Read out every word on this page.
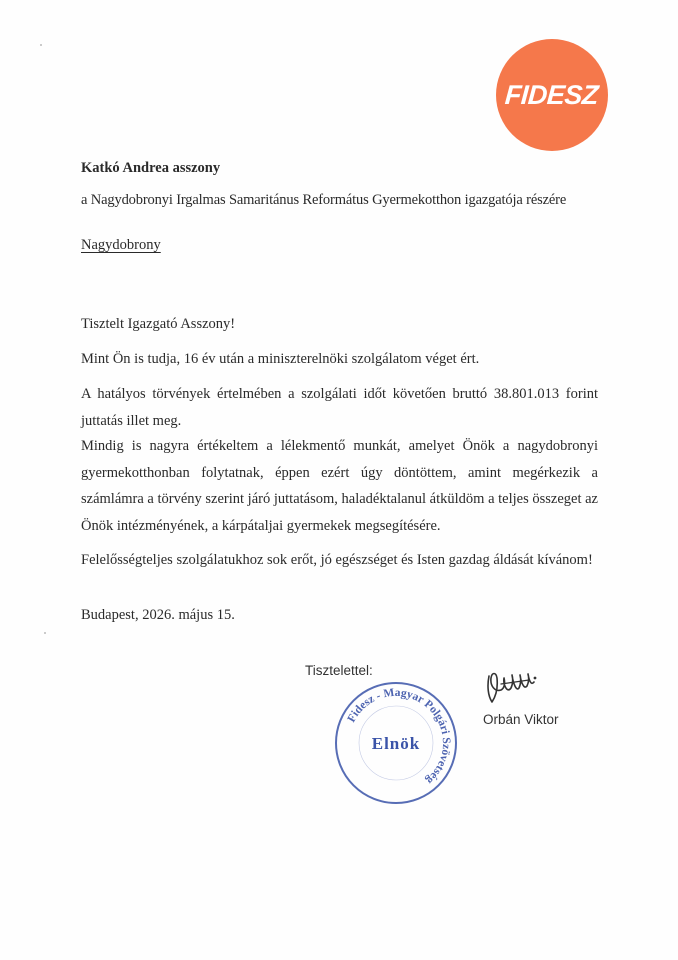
FIDESZ
Katkó Andrea asszony
a Nagydobronyi Irgalmas Samaritánus Református Gyermekotthon igazgatója részére
Nagydobrony
Tisztelt Igazgató Asszony!
Mint Ön is tudja, 16 év után a miniszterelnöki szolgálatom véget ért.
A hatályos törvények értelmében a szolgálati időt követően bruttó 38.801.013 forint juttatás illet meg.
Mindig is nagyra értékeltem a lélekmentő munkát, amelyet Önök a nagydobronyi gyermekotthonban folytatnak, éppen ezért úgy döntöttem, amint megérkezik a számlámra a törvény szerint járó juttatásom, haladéktalanul átküldöm a teljes összeget az Önök intézményének, a kárpátaljai gyermekek megsegítésére.
Felelősségteljes szolgálatukhoz sok erőt, jó egészséget és Isten gazdag áldását kívánom!
Budapest, 2026. május 15.
Tisztelettel:
Fidesz - Magyar Polgári Szövetség
Elnök
Orbán Viktor
